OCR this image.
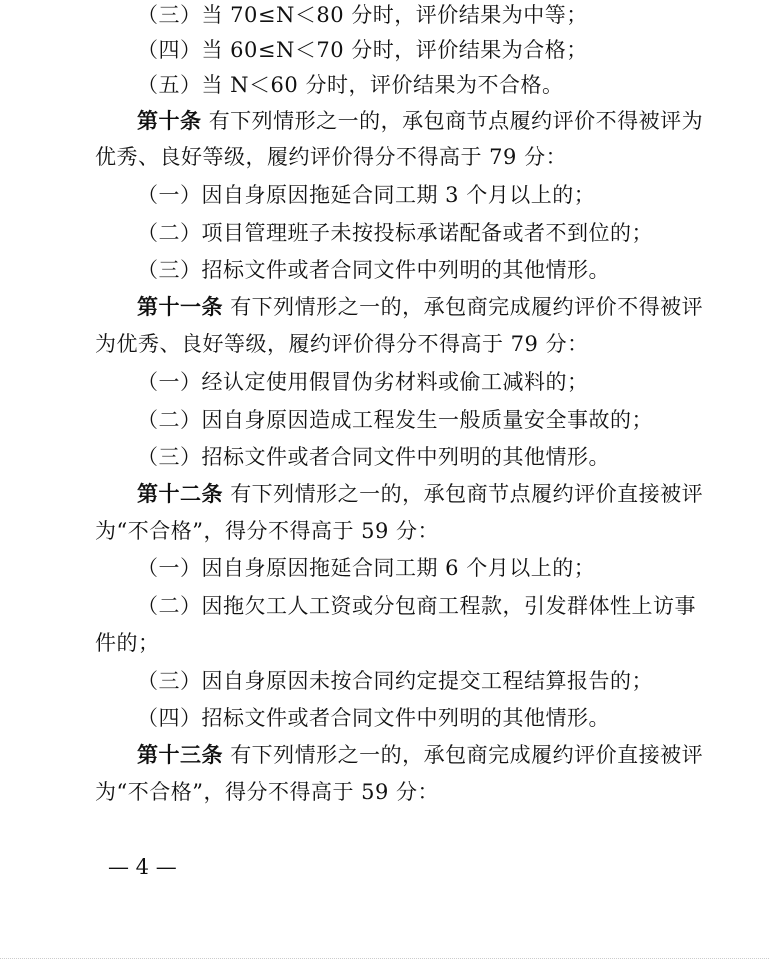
（三）当 70≤N＜80 分时，评价结果为中等；
（四）当 60≤N＜70 分时，评价结果为合格；
（五）当 N＜60 分时，评价结果为不合格。
第十条 有下列情形之一的，承包商节点履约评价不得被评为
优秀、良好等级，履约评价得分不得高于 79 分：
（一）因自身原因拖延合同工期 3 个月以上的；
（二）项目管理班子未按投标承诺配备或者不到位的；
（三）招标文件或者合同文件中列明的其他情形。
第十一条 有下列情形之一的，承包商完成履约评价不得被评
为优秀、良好等级，履约评价得分不得高于 79 分：
（一）经认定使用假冒伪劣材料或偷工减料的；
（二）因自身原因造成工程发生一般质量安全事故的；
（三）招标文件或者合同文件中列明的其他情形。
第十二条 有下列情形之一的，承包商节点履约评价直接被评
为“不合格”，得分不得高于 59 分：
（一）因自身原因拖延合同工期 6 个月以上的；
（二）因拖欠工人工资或分包商工程款，引发群体性上访事
件的；
（三）因自身原因未按合同约定提交工程结算报告的；
（四）招标文件或者合同文件中列明的其他情形。
第十三条 有下列情形之一的，承包商完成履约评价直接被评
为“不合格”，得分不得高于 59 分：
— 4 —
